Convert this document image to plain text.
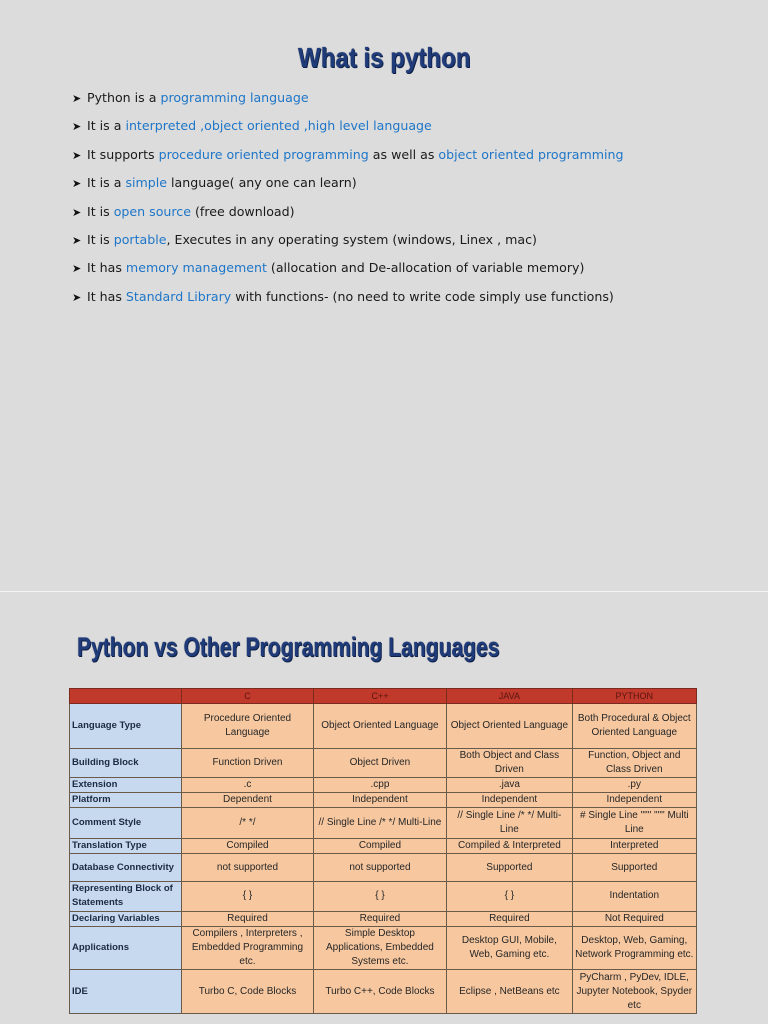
What is python
➤ Python is a programming language
➤ It is a interpreted ,object oriented ,high level language
➤ It supports procedure oriented programming as well as object oriented programming
➤ It is a simple language( any one can learn)
➤ It is open source (free download)
➤ It is portable, Executes in any operating system (windows, Linex , mac)
➤ It has memory management (allocation and De-allocation of variable memory)
➤ It has Standard Library with functions- (no need to write code simply use functions)
Python vs Other Programming Languages
	C	C++	JAVA	PYTHON
Language Type	Procedure Oriented Language	Object Oriented Language	Object Oriented Language	Both Procedural & Object Oriented Language
Building Block	Function Driven	Object Driven	Both Object and Class Driven	Function, Object and Class Driven
Extension	.c	.cpp	.java	.py
Platform	Dependent	Independent	Independent	Independent
Comment Style	/* */	// Single Line /* */ Multi-Line	// Single Line /* */ Multi-Line	# Single Line """ """ Multi Line
Translation Type	Compiled	Compiled	Compiled & Interpreted	Interpreted
Database Connectivity	not supported	not supported	Supported	Supported
Representing Block of Statements	{ }	{ }	{ }	Indentation
Declaring Variables	Required	Required	Required	Not Required
Applications	Compilers , Interpreters , Embedded Programming etc.	Simple Desktop Applications, Embedded Systems etc.	Desktop GUI, Mobile, Web, Gaming etc.	Desktop, Web, Gaming, Network Programming etc.
IDE	Turbo C, Code Blocks	Turbo C++, Code Blocks	Eclipse , NetBeans etc	PyCharm , PyDev, IDLE, Jupyter Notebook, Spyder etc
